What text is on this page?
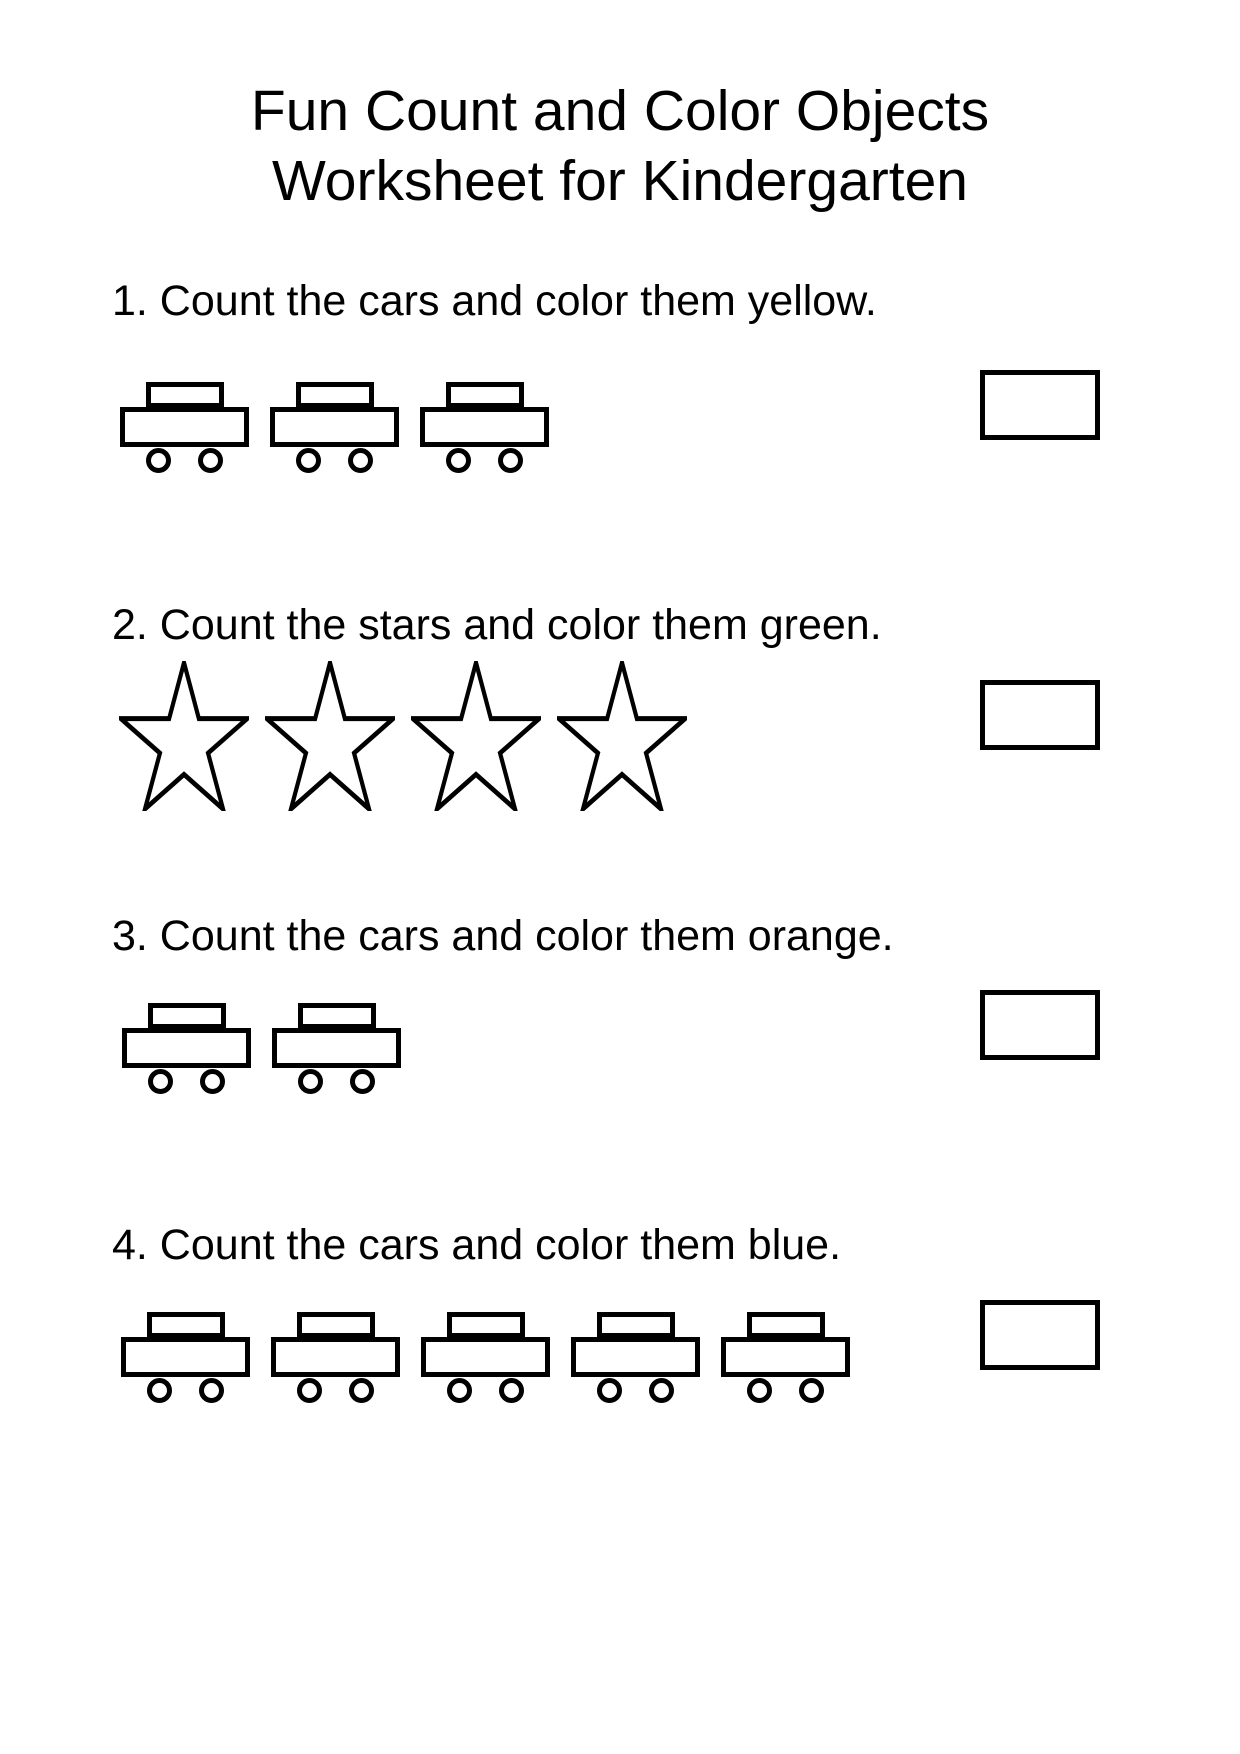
Fun Count and Color Objects
Worksheet for Kindergarten
1. Count the cars and color them yellow.
2. Count the stars and color them green.
3. Count the cars and color them orange.
4. Count the cars and color them blue.
